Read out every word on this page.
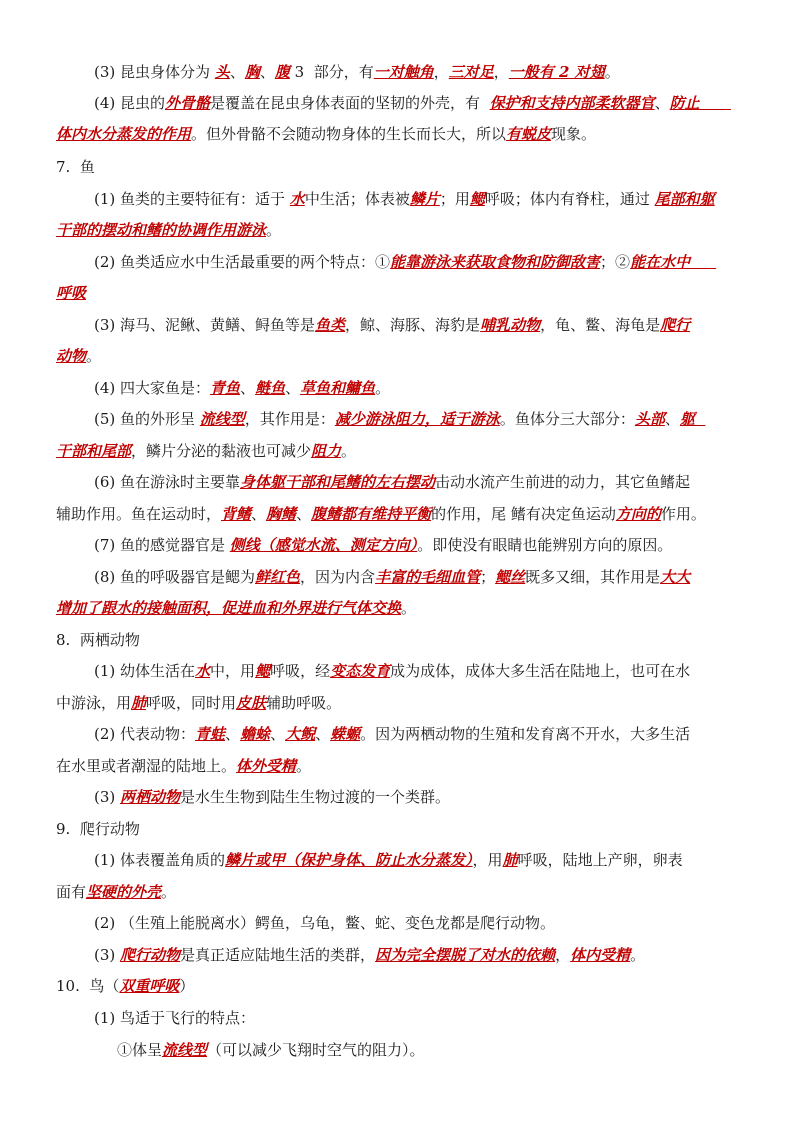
(3) 昆虫身体分为 头、胸、腹 3  部分，有一对触角，三对足，一般有 2 对翅。
(4) 昆虫的外骨骼是覆盖在昆虫身体表面的坚韧的外壳，有  保护和支持内部柔软器官、防止
体内水分蒸发的作用。但外骨骼不会随动物身体的生长而长大，所以有蜕皮现象。
7.  鱼
(1) 鱼类的主要特征有：适于 水中生活；体表被鳞片；用鳃呼吸；体内有脊柱，通过 尾部和躯
干部的摆动和鳍的协调作用游泳。
(2) 鱼类适应水中生活最重要的两个特点：①能靠游泳来获取食物和防御敌害；②能在水中
呼吸
(3) 海马、泥鳅、黄鳝、鲟鱼等是鱼类，鲸、海豚、海豹是哺乳动物，龟、鳖、海龟是爬行
动物。
(4) 四大家鱼是：青鱼、鲢鱼、草鱼和鳙鱼。
(5) 鱼的外形呈 流线型，其作用是：减少游泳阻力，适于游泳。鱼体分三大部分：头部、躯
干部和尾部，鳞片分泌的黏液也可减少阻力。
(6) 鱼在游泳时主要靠身体躯干部和尾鳍的左右摆动击动水流产生前进的动力，其它鱼鳍起
辅助作用。鱼在运动时，背鳍、胸鳍、腹鳍都有维持平衡的作用，尾 鳍有决定鱼运动方向的作用。
(7) 鱼的感觉器官是 侧线（感觉水流、测定方向）。即使没有眼睛也能辨别方向的原因。
(8) 鱼的呼吸器官是鳃为鲜红色，因为内含丰富的毛细血管；鳃丝既多又细，其作用是大大
增加了跟水的接触面积，促进血和外界进行气体交换。
8.  两栖动物
(1) 幼体生活在水中，用鳃呼吸，经变态发育成为成体，成体大多生活在陆地上，也可在水
中游泳，用肺呼吸，同时用皮肤辅助呼吸。
(2) 代表动物：青蛙、蟾蜍、大鲵、蝾螈。因为两栖动物的生殖和发育离不开水，大多生活
在水里或者潮湿的陆地上。体外受精。
(3) 两栖动物是水生生物到陆生生物过渡的一个类群。
9.  爬行动物
(1) 体表覆盖角质的鳞片或甲（保护身体、防止水分蒸发），用肺呼吸，陆地上产卵，卵表
面有坚硬的外壳。
(2) （生殖上能脱离水）鳄鱼，乌龟，鳖、蛇、变色龙都是爬行动物。
(3) 爬行动物是真正适应陆地生活的类群，因为完全摆脱了对水的依赖，体内受精。
10.  鸟（双重呼吸）
(1) 鸟适于飞行的特点：
①体呈流线型（可以减少飞翔时空气的阻力）。
